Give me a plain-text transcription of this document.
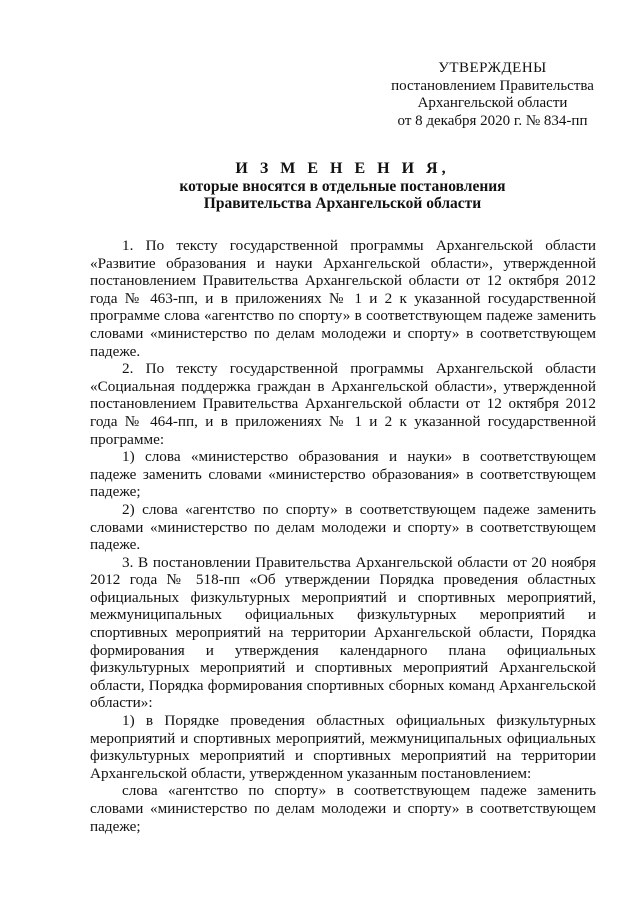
УТВЕРЖДЕНЫ
постановлением Правительства
Архангельской области
от 8 декабря 2020 г. № 834-пп
И З М Е Н Е Н И Я,
которые вносятся в отдельные постановления
Правительства Архангельской области

1. По тексту государственной программы Архангельской области «Развитие образования и науки Архангельской области», утвержденной постановлением Правительства Архангельской области от 12 октября 2012 года № 463-пп, и в приложениях № 1 и 2 к указанной государственной программе слова «агентство по спорту» в соответствующем падеже заменить словами «министерство по делам молодежи и спорту» в соответствующем падеже.

2. По тексту государственной программы Архангельской области «Социальная поддержка граждан в Архангельской области», утвержденной постановлением Правительства Архангельской области от 12 октября 2012 года № 464-пп, и в приложениях № 1 и 2 к указанной государственной программе:

1) слова «министерство образования и науки» в соответствующем падеже заменить словами «министерство образования» в соответствующем падеже;

2) слова «агентство по спорту» в соответствующем падеже заменить словами «министерство по делам молодежи и спорту» в соответствующем падеже.

3. В постановлении Правительства Архангельской области от 20 ноября 2012 года № 518-пп «Об утверждении Порядка проведения областных официальных физкультурных мероприятий и спортивных мероприятий, межмуниципальных официальных физкультурных мероприятий и спортивных мероприятий на территории Архангельской области, Порядка формирования и утверждения календарного плана официальных физкультурных мероприятий и спортивных мероприятий Архангельской области, Порядка формирования спортивных сборных команд Архангельской области»:

1) в Порядке проведения областных официальных физкультурных мероприятий и спортивных мероприятий, межмуниципальных официальных физкультурных мероприятий и спортивных мероприятий на территории Архангельской области, утвержденном указанным постановлением:

слова «агентство по спорту» в соответствующем падеже заменить словами «министерство по делам молодежи и спорту» в соответствующем падеже;
